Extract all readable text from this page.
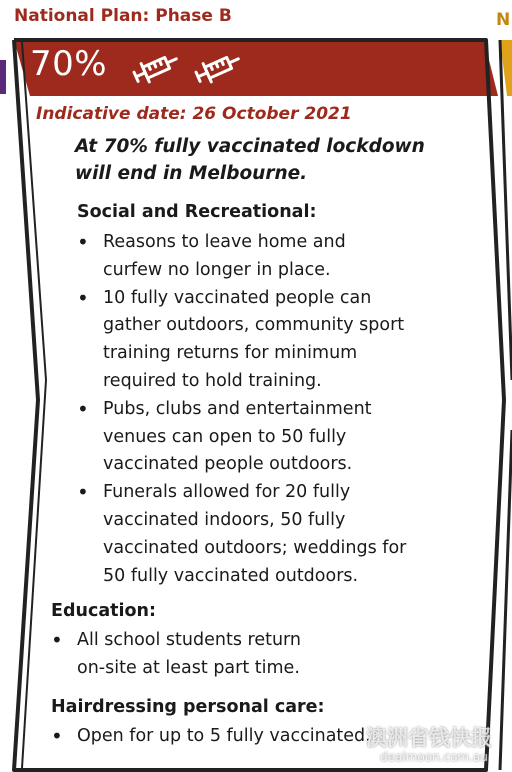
National Plan: Phase B	N
70%
Indicative date: 26 October 2021
At 70% fully vaccinated lockdown
will end in Melbourne.
Social and Recreational:
• Reasons to leave home and
curfew no longer in place.
• 10 fully vaccinated people can
gather outdoors, community sport
training returns for minimum
required to hold training.
• Pubs, clubs and entertainment
venues can open to 50 fully
vaccinated people outdoors.
• Funerals allowed for 20 fully
vaccinated indoors, 50 fully
vaccinated outdoors; weddings for
50 fully vaccinated outdoors.
Education:
• All school students return
on-site at least part time.
Hairdressing personal care:
• Open for up to 5 fully vaccinated.
澳洲省钱快报
dealmoon.com.au
